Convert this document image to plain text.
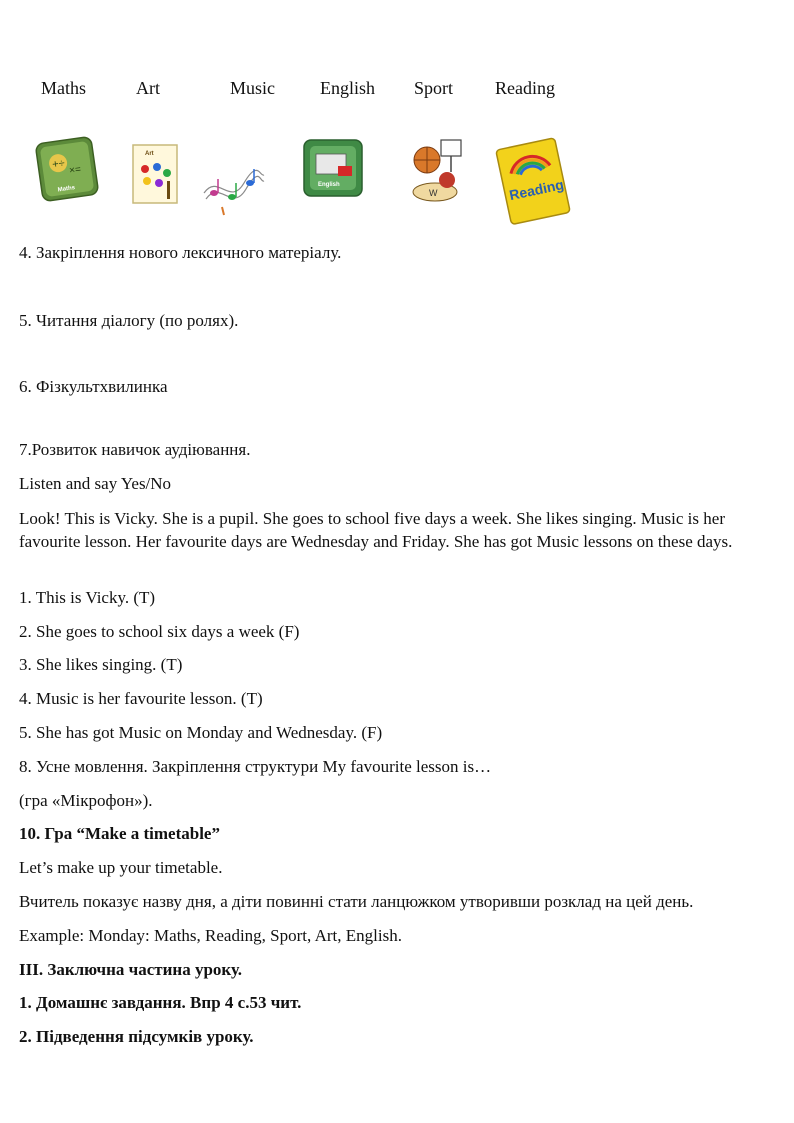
Maths	Art	Music	English Sport Reading
+÷ ×=
Maths
Art
English
W	Reading
4. Закріплення нового лексичного матеріалу.
5. Читання діалогу (по ролях).
6. Фізкультхвилинка
7.Розвиток навичок аудіювання.
Listen and say Yes/No
Look! This is Vicky. She is a pupil. She goes to school five days a week. She likes singing. Music is her favourite lesson. Her favourite days are Wednesday and Friday. She has got Music lessons on these days.
1. This is Vicky. (T)
2. She goes to school six days a week (F)
3. She likes singing. (T)
4. Music is her favourite lesson. (T)
5. She has got Music on Monday and Wednesday. (F)
8. Усне мовлення. Закріплення структури My favourite lesson is…
(гра «Мікрофон»).
10. Гра “Make a timetable”
Let’s make up your timetable.
Вчитель показує назву дня, а діти повинні стати ланцюжком утворивши розклад на цей день.
Example: Monday: Maths, Reading, Sport, Art, English.
ІІІ. Заключна частина уроку.
1. Домашнє завдання. Впр 4 с.53 чит.
2. Підведення підсумків уроку.
